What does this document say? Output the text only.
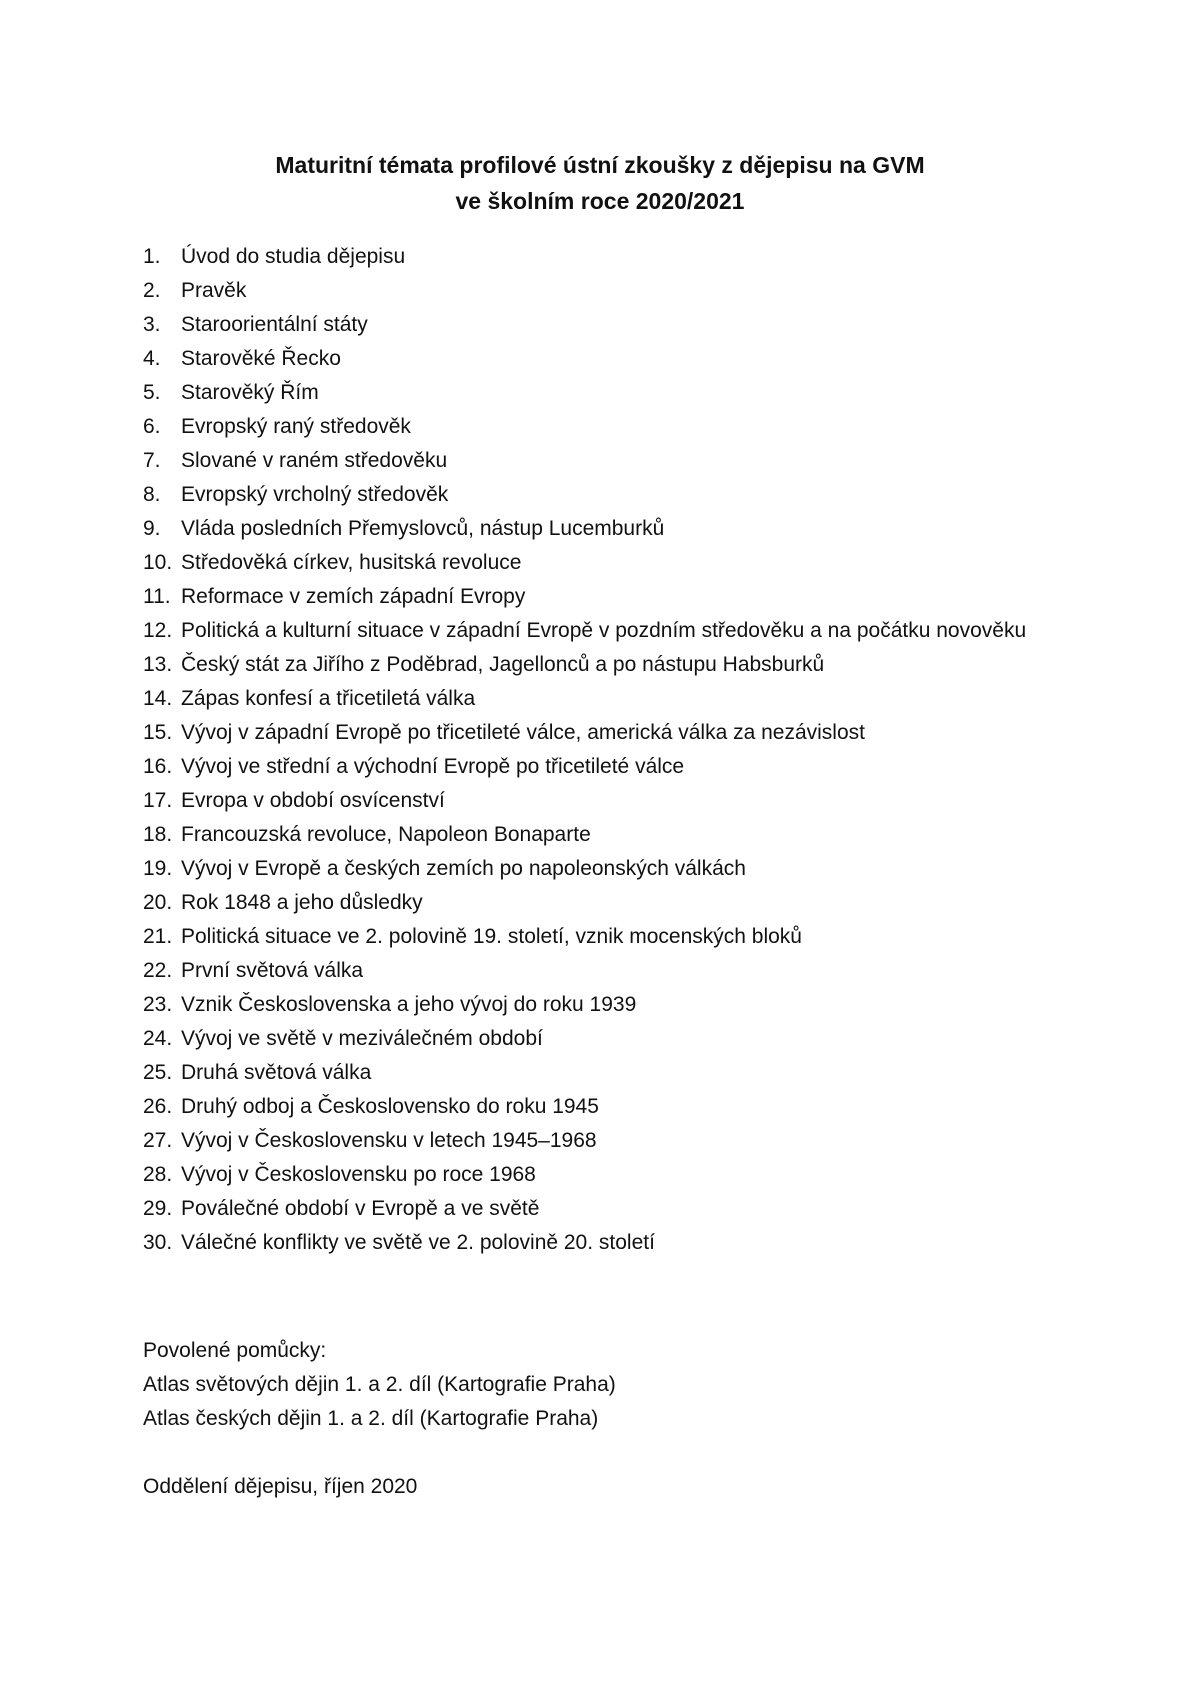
Maturitní témata profilové ústní zkoušky z dějepisu na GVM
ve školním roce 2020/2021
1. Úvod do studia dějepisu
2. Pravěk
3. Staroorientální státy
4. Starověké Řecko
5. Starověký Řím
6. Evropský raný středověk
7. Slované v raném středověku
8. Evropský vrcholný středověk
9. Vláda posledních Přemyslovců, nástup Lucemburků
10. Středověká církev, husitská revoluce
11. Reformace v zemích západní Evropy
12. Politická a kulturní situace v západní Evropě v pozdním středověku a na počátku novověku
13. Český stát za Jiřího z Poděbrad, Jagellonců a po nástupu Habsburků
14. Zápas konfesí a třicetiletá válka
15. Vývoj v západní Evropě po třicetileté válce, americká válka za nezávislost
16. Vývoj ve střední a východní Evropě po třicetileté válce
17. Evropa v období osvícenství
18. Francouzská revoluce, Napoleon Bonaparte
19. Vývoj v Evropě a českých zemích po napoleonských válkách
20. Rok 1848 a jeho důsledky
21. Politická situace ve 2. polovině 19. století, vznik mocenských bloků
22. První světová válka
23. Vznik Československa a jeho vývoj do roku 1939
24. Vývoj ve světě v meziválečném období
25. Druhá světová válka
26. Druhý odboj a Československo do roku 1945
27. Vývoj v Československu v letech 1945–1968
28. Vývoj v Československu po roce 1968
29. Poválečné období v Evropě a ve světě
30. Válečné konflikty ve světě ve 2. polovině 20. století
Povolené pomůcky:
Atlas světových dějin 1. a 2. díl (Kartografie Praha)
Atlas českých dějin 1. a 2. díl (Kartografie Praha)
Oddělení dějepisu, říjen 2020
